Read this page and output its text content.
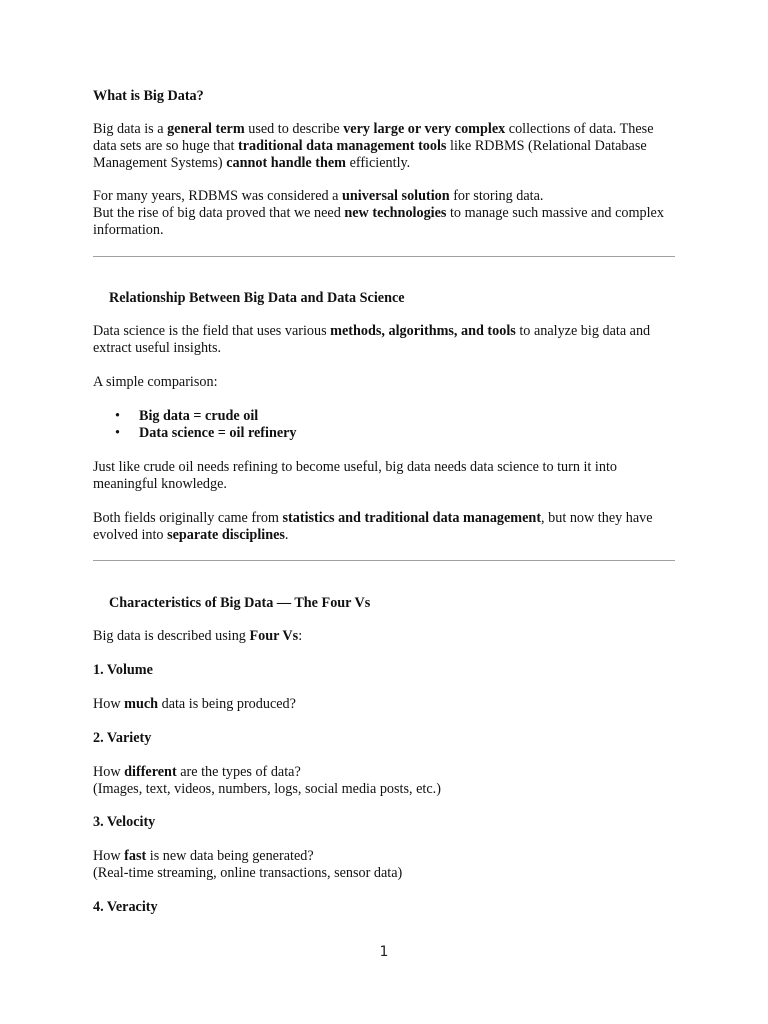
What is Big Data?

Big data is a general term used to describe very large or very complex collections of data. These data sets are so huge that traditional data management tools like RDBMS (Relational Database Management Systems) cannot handle them efficiently.

For many years, RDBMS was considered a universal solution for storing data.

But the rise of big data proved that we need new technologies to manage such massive and complex information.

Relationship Between Big Data and Data Science

Data science is the field that uses various methods, algorithms, and tools to analyze big data and extract useful insights.

A simple comparison:

• Big data = crude oil
• Data science = oil refinery

Just like crude oil needs refining to become useful, big data needs data science to turn it into meaningful knowledge.

Both fields originally came from statistics and traditional data management, but now they have evolved into separate disciplines.

Characteristics of Big Data — The Four Vs

Big data is described using Four Vs:

1. Volume

How much data is being produced?

2. Variety

How different are the types of data?

(Images, text, videos, numbers, logs, social media posts, etc.)

3. Velocity

How fast is new data being generated?

(Real-time streaming, online transactions, sensor data)

4. Veracity

1
